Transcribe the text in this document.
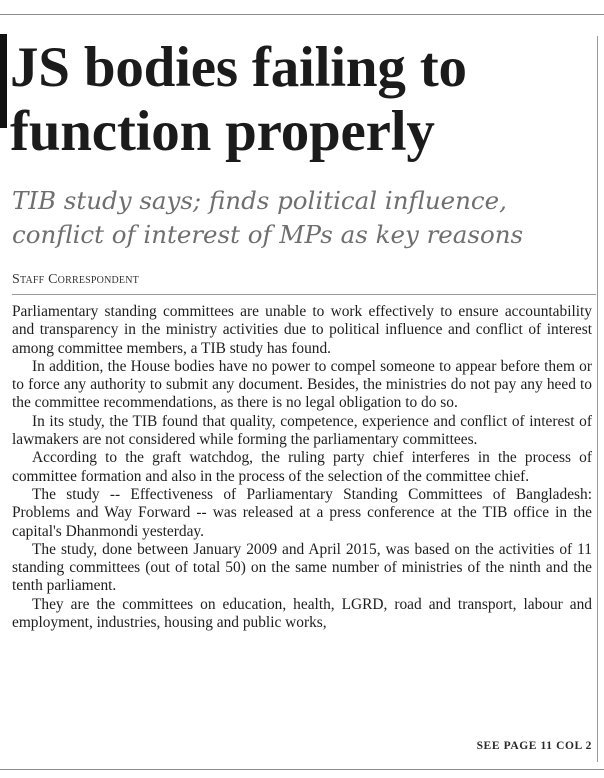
JS bodies failing to
function properly
TIB study says; finds political influence,
conflict of interest of MPs as key reasons
Staff Correspondent

Parliamentary standing committees are unable to work effectively to ensure accountability and transparency in the ministry activities due to political influence and conflict of interest among committee members, a TIB study has found.

In addition, the House bodies have no power to compel someone to appear before them or to force any authority to submit any document. Besides, the ministries do not pay any heed to the committee recommendations, as there is no legal obligation to do so.

In its study, the TIB found that quality, competence, experience and conflict of interest of lawmakers are not considered while forming the parliamentary committees.

According to the graft watchdog, the ruling party chief interferes in the process of committee formation and also in the process of the selection of the committee chief.

The study -- Effectiveness of Parliamentary Standing Committees of Bangladesh: Problems and Way Forward -- was released at a press conference at the TIB office in the capital's Dhanmondi yesterday.

The study, done between January 2009 and April 2015, was based on the activities of 11 standing committees (out of total 50) on the same number of ministries of the ninth and the tenth parliament.

They are the committees on education, health, LGRD, road and transport, labour and employment, industries, housing and public works,

SEE PAGE 11 COL 2
